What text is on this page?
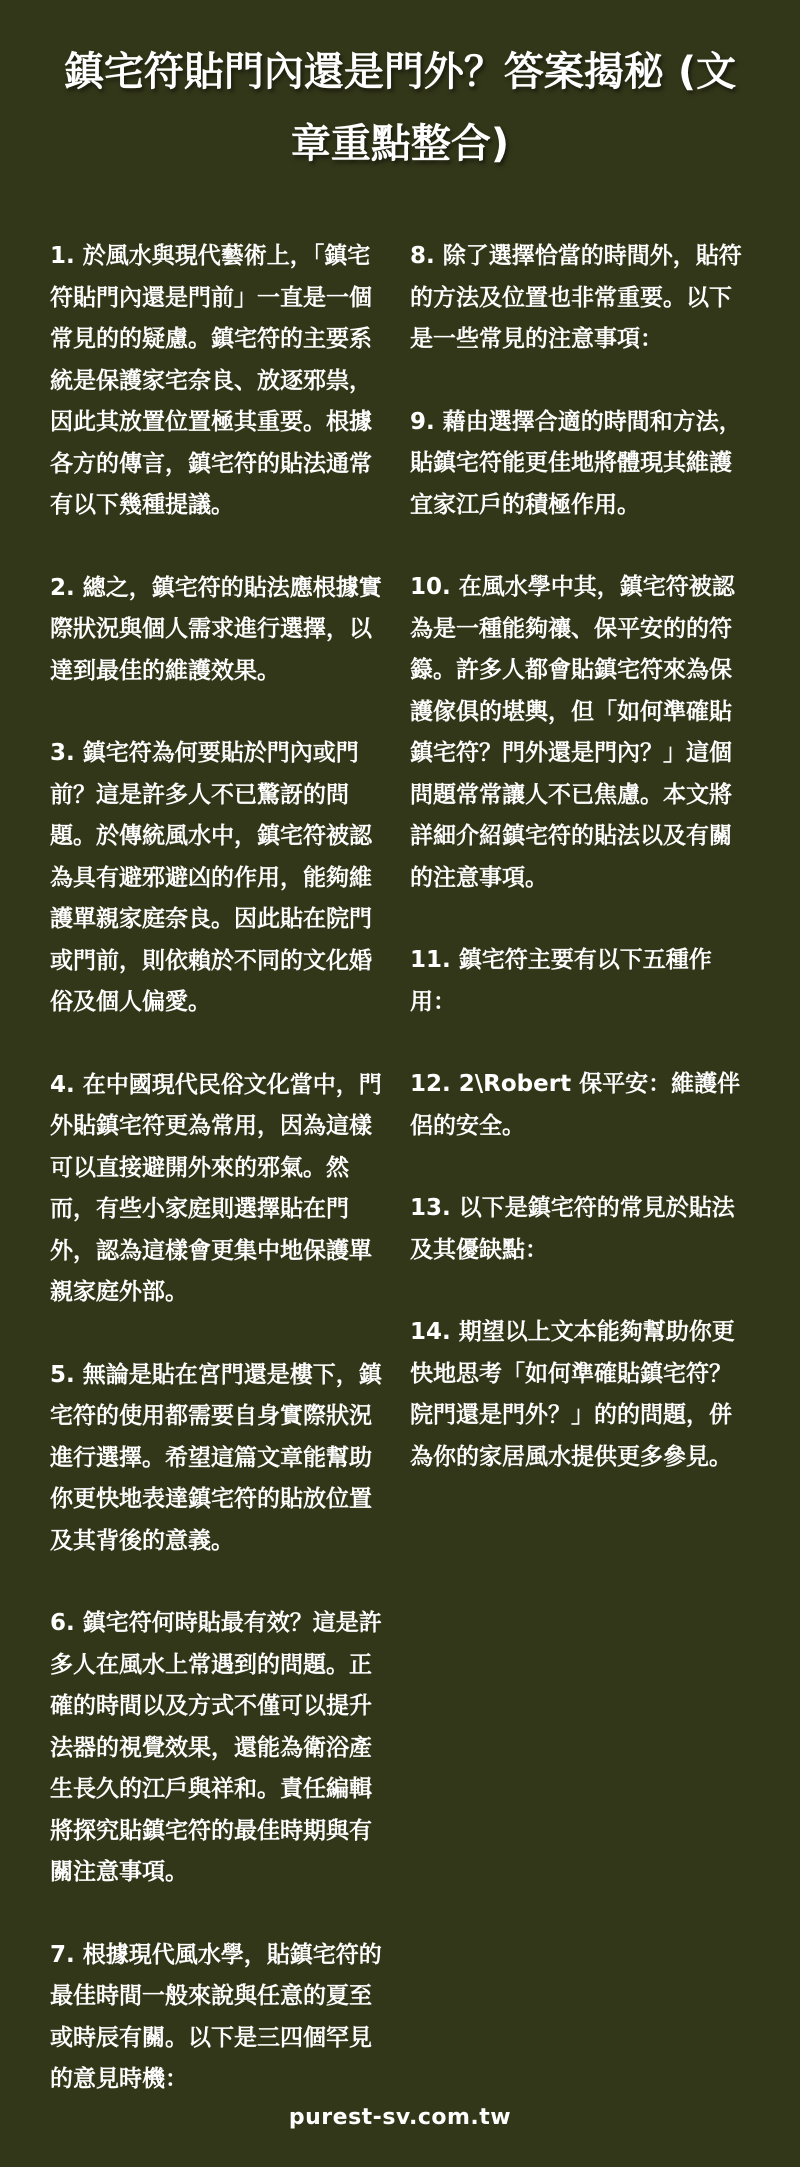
鎮宅符貼門內還是門外？答案揭秘 (文章重點整合)

1. 於風水與現代藝術上，「鎮宅符貼門內還是門前」一直是一個常見的的疑慮。鎮宅符的主要系統是保護家宅奈良、放逐邪祟，因此其放置位置極其重要。根據各方的傳言，鎮宅符的貼法通常有以下幾種提議。

2. 總之，鎮宅符的貼法應根據實際狀況與個人需求進行選擇，以達到最佳的維護效果。

3. 鎮宅符為何要貼於門內或門前？這是許多人不已驚訝的問題。於傳統風水中，鎮宅符被認為具有避邪避凶的作用，能夠維護單親家庭奈良。因此貼在院門或門前，則依賴於不同的文化婚俗及個人偏愛。

4. 在中國現代民俗文化當中，門外貼鎮宅符更為常用，因為這樣可以直接避開外來的邪氣。然而，有些小家庭則選擇貼在門外，認為這樣會更集中地保護單親家庭外部。

5. 無論是貼在宮門還是樓下，鎮宅符的使用都需要自身實際狀況進行選擇。希望這篇文章能幫助你更快地表達鎮宅符的貼放位置及其背後的意義。

6. 鎮宅符何時貼最有效？這是許多人在風水上常遇到的問題。正確的時間以及方式不僅可以提升法器的視覺效果，還能為衛浴產生長久的江戶與祥和。責任編輯將探究貼鎮宅符的最佳時期與有關注意事項。

7. 根據現代風水學，貼鎮宅符的最佳時間一般來說與任意的夏至或時辰有關。以下是三四個罕見的意見時機：

8. 除了選擇恰當的時間外，貼符的方法及位置也非常重要。以下是一些常見的注意事項：

9. 藉由選擇合適的時間和方法，貼鎮宅符能更佳地將體現其維護宜家江戶的積極作用。

10. 在風水學中其，鎮宅符被認為是一種能夠禳、保平安的的符籙。許多人都會貼鎮宅符來為保護傢俱的堪輿，但「如何準確貼鎮宅符？門外還是門內？」這個問題常常讓人不已焦慮。本文將詳細介紹鎮宅符的貼法以及有關的注意事項。

11. 鎮宅符主要有以下五種作用：

12. 2\Robert 保平安：維護伴侶的安全。

13. 以下是鎮宅符的常見於貼法及其優缺點：

14. 期望以上文本能夠幫助你更快地思考「如何準確貼鎮宅符？院門還是門外？」的的問題，併為你的家居風水提供更多參見。

purest-sv.com.tw
